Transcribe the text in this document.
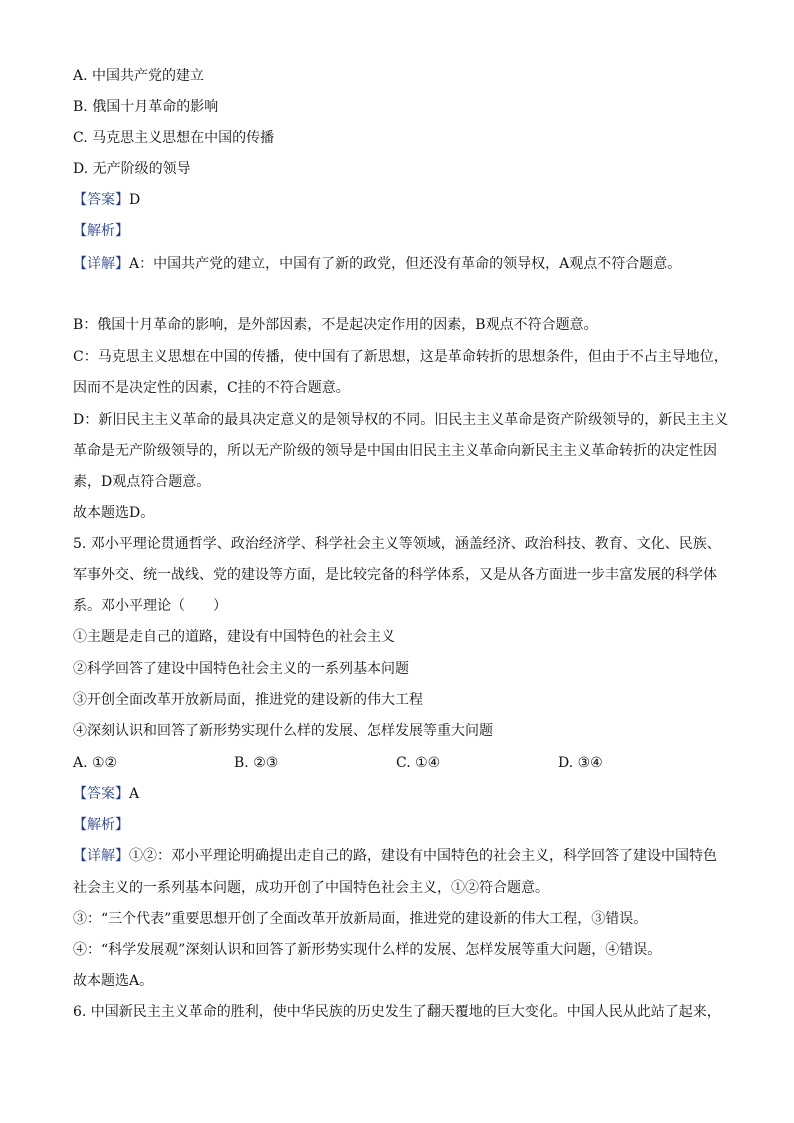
A. 中国共产党的建立
B. 俄国十月革命的影响
C. 马克思主义思想在中国的传播
D. 无产阶级的领导
【答案】D
【解析】
【详解】A：中国共产党的建立，中国有了新的政党，但还没有革命的领导权，A观点不符合题意。
B：俄国十月革命的影响，是外部因素，不是起决定作用的因素，B观点不符合题意。
C：马克思主义思想在中国的传播，使中国有了新思想，这是革命转折的思想条件，但由于不占主导地位，
因而不是决定性的因素，C挂的不符合题意。
D：新旧民主主义革命的最具决定意义的是领导权的不同。旧民主主义革命是资产阶级领导的，新民主主义
革命是无产阶级领导的，所以无产阶级的领导是中国由旧民主主义革命向新民主主义革命转折的决定性因
素，D观点符合题意。
故本题选D。
5. 邓小平理论贯通哲学、政治经济学、科学社会主义等领域，涵盖经济、政治科技、教育、文化、民族、
军事外交、统一战线、党的建设等方面，是比较完备的科学体系，又是从各方面进一步丰富发展的科学体
系。邓小平理论（　　）
①主题是走自己的道路，建设有中国特色的社会主义
②科学回答了建设中国特色社会主义的一系列基本问题
③开创全面改革开放新局面，推进党的建设新的伟大工程
④深刻认识和回答了新形势实现什么样的发展、怎样发展等重大问题
A. ①②	B. ②③	C. ①④	D. ③④
【答案】A
【解析】
【详解】①②：邓小平理论明确提出走自己的路，建设有中国特色的社会主义，科学回答了建设中国特色
社会主义的一系列基本问题，成功开创了中国特色社会主义，①②符合题意。
③：“三个代表”重要思想开创了全面改革开放新局面，推进党的建设新的伟大工程，③错误。
④：“科学发展观”深刻认识和回答了新形势实现什么样的发展、怎样发展等重大问题，④错误。
故本题选A。
6. 中国新民主主义革命的胜利，使中华民族的历史发生了翻天覆地的巨大变化。中国人民从此站了起来，
